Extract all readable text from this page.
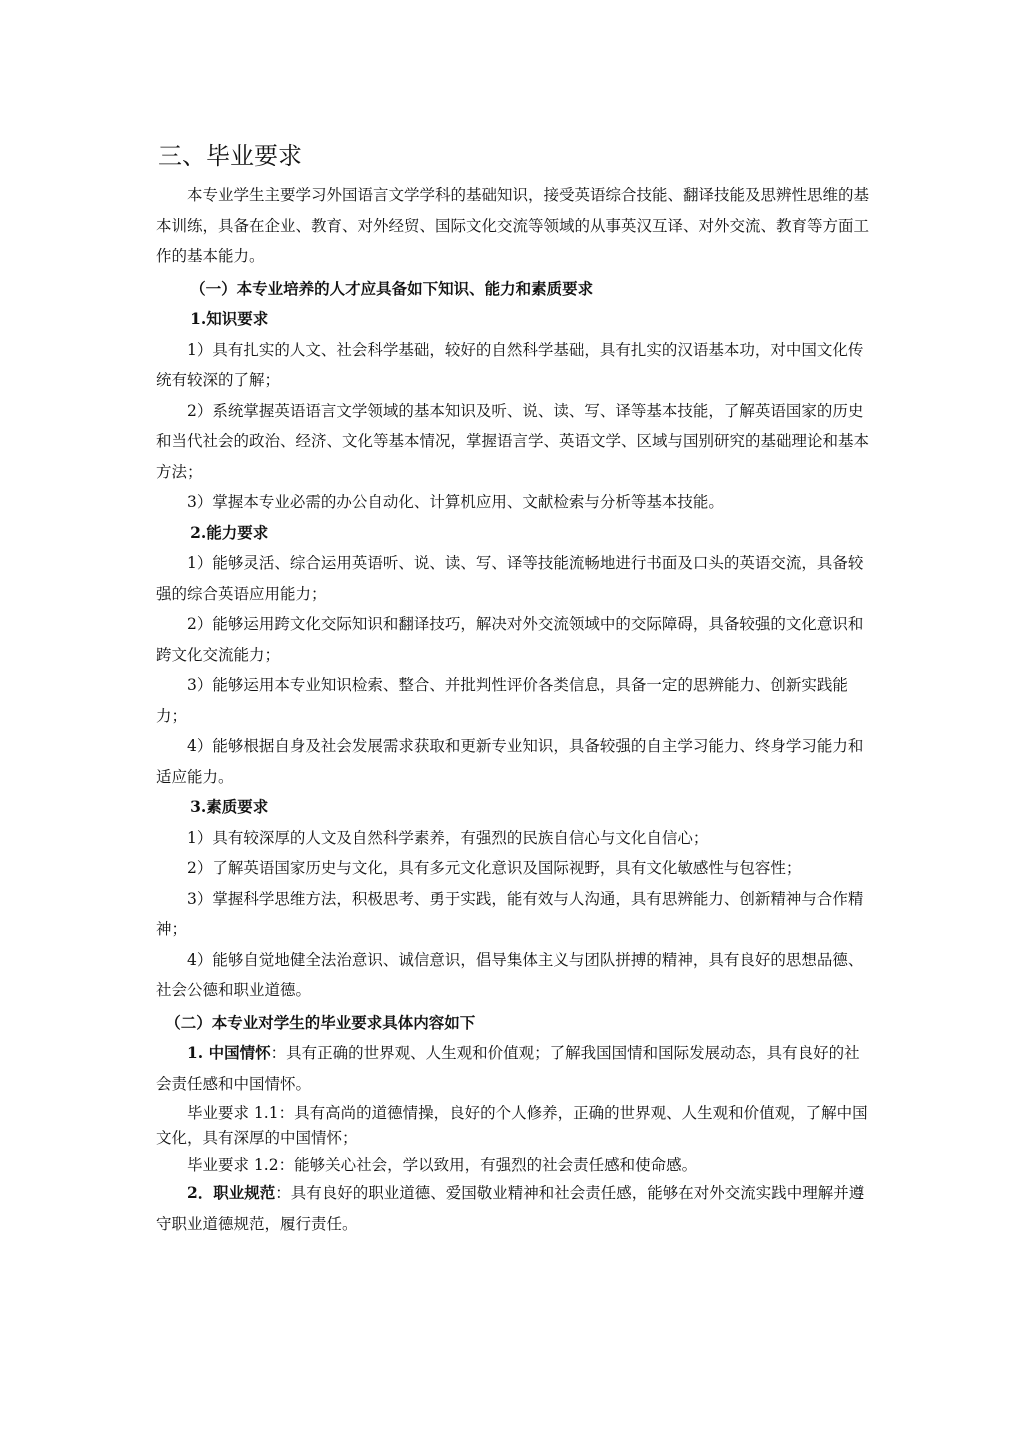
三、毕业要求

本专业学生主要学习外国语言文学学科的基础知识，接受英语综合技能、翻译技能及思辨性思维的基本训练，具备在企业、教育、对外经贸、国际文化交流等领域的从事英汉互译、对外交流、教育等方面工作的基本能力。

（一）本专业培养的人才应具备如下知识、能力和素质要求

1.知识要求

1）具有扎实的人文、社会科学基础，较好的自然科学基础，具有扎实的汉语基本功，对中国文化传统有较深的了解；

2）系统掌握英语语言文学领域的基本知识及听、说、读、写、译等基本技能，了解英语国家的历史和当代社会的政治、经济、文化等基本情况，掌握语言学、英语文学、区域与国别研究的基础理论和基本方法；

3）掌握本专业必需的办公自动化、计算机应用、文献检索与分析等基本技能。

2.能力要求

1）能够灵活、综合运用英语听、说、读、写、译等技能流畅地进行书面及口头的英语交流，具备较强的综合英语应用能力；

2）能够运用跨文化交际知识和翻译技巧，解决对外交流领域中的交际障碍，具备较强的文化意识和跨文化交流能力；

3）能够运用本专业知识检索、整合、并批判性评价各类信息，具备一定的思辨能力、创新实践能力；

4）能够根据自身及社会发展需求获取和更新专业知识，具备较强的自主学习能力、终身学习能力和适应能力。

3.素质要求

1）具有较深厚的人文及自然科学素养，有强烈的民族自信心与文化自信心；

2）了解英语国家历史与文化，具有多元文化意识及国际视野，具有文化敏感性与包容性；

3）掌握科学思维方法，积极思考、勇于实践，能有效与人沟通，具有思辨能力、创新精神与合作精神；

4）能够自觉地健全法治意识、诚信意识，倡导集体主义与团队拼搏的精神，具有良好的思想品德、社会公德和职业道德。

（二）本专业对学生的毕业要求具体内容如下

1. 中国情怀：具有正确的世界观、人生观和价值观；了解我国国情和国际发展动态，具有良好的社会责任感和中国情怀。

毕业要求 1.1：具有高尚的道德情操，良好的个人修养，正确的世界观、人生观和价值观，了解中国文化，具有深厚的中国情怀；

毕业要求 1.2：能够关心社会，学以致用，有强烈的社会责任感和使命感。

2．职业规范：具有良好的职业道德、爱国敬业精神和社会责任感，能够在对外交流实践中理解并遵守职业道德规范，履行责任。
